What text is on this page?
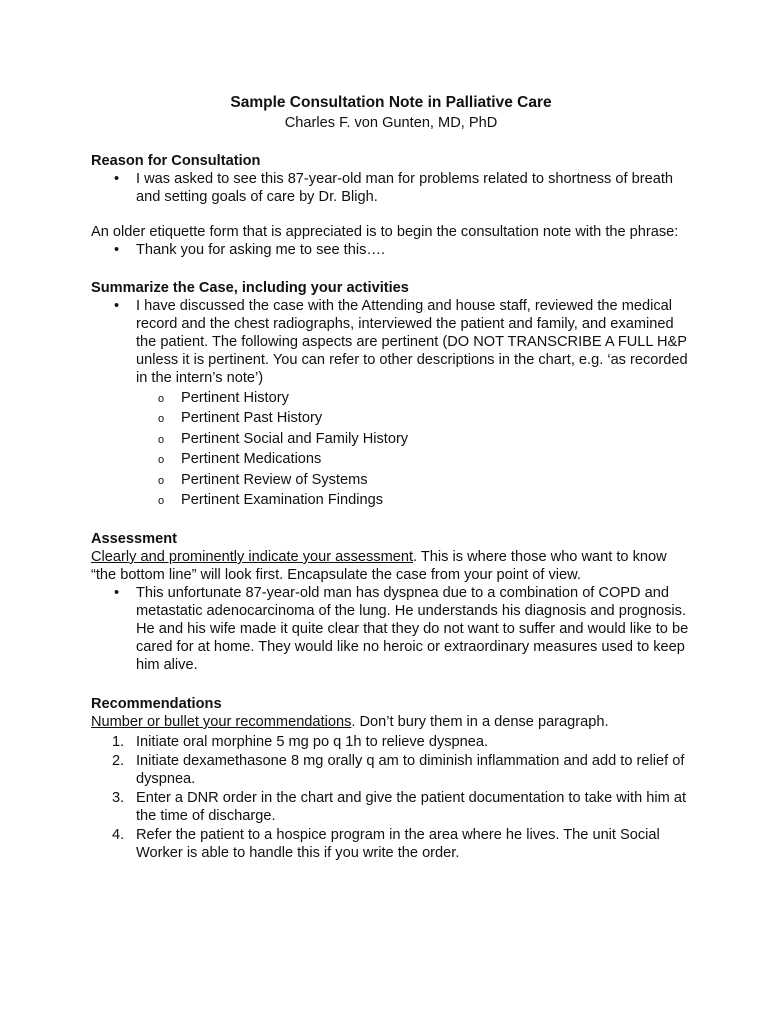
Sample Consultation Note in Palliative Care

Charles F. von Gunten, MD, PhD

Reason for Consultation

• I was asked to see this 87-year-old man for problems related to shortness of breath and setting goals of care by Dr. Bligh.

An older etiquette form that is appreciated is to begin the consultation note with the phrase:

• Thank you for asking me to see this….

Summarize the Case, including your activities

• I have discussed the case with the Attending and house staff, reviewed the medical record and the chest radiographs, interviewed the patient and family, and examined the patient. The following aspects are pertinent (DO NOT TRANSCRIBE A FULL H&P unless it is pertinent. You can refer to other descriptions in the chart, e.g. ‘as recorded in the intern’s note’)
o Pertinent History
o Pertinent Past History
o Pertinent Social and Family History
o Pertinent Medications
o Pertinent Review of Systems
o Pertinent Examination Findings

Assessment

Clearly and prominently indicate your assessment. This is where those who want to know “the bottom line” will look first. Encapsulate the case from your point of view.

• This unfortunate 87-year-old man has dyspnea due to a combination of COPD and metastatic adenocarcinoma of the lung. He understands his diagnosis and prognosis. He and his wife made it quite clear that they do not want to suffer and would like to be cared for at home. They would like no heroic or extraordinary measures used to keep him alive.

Recommendations

Number or bullet your recommendations. Don’t bury them in a dense paragraph.

1. Initiate oral morphine 5 mg po q 1h to relieve dyspnea.
2. Initiate dexamethasone 8 mg orally q am to diminish inflammation and add to relief of dyspnea.
3. Enter a DNR order in the chart and give the patient documentation to take with him at the time of discharge.
4. Refer the patient to a hospice program in the area where he lives. The unit Social Worker is able to handle this if you write the order.
